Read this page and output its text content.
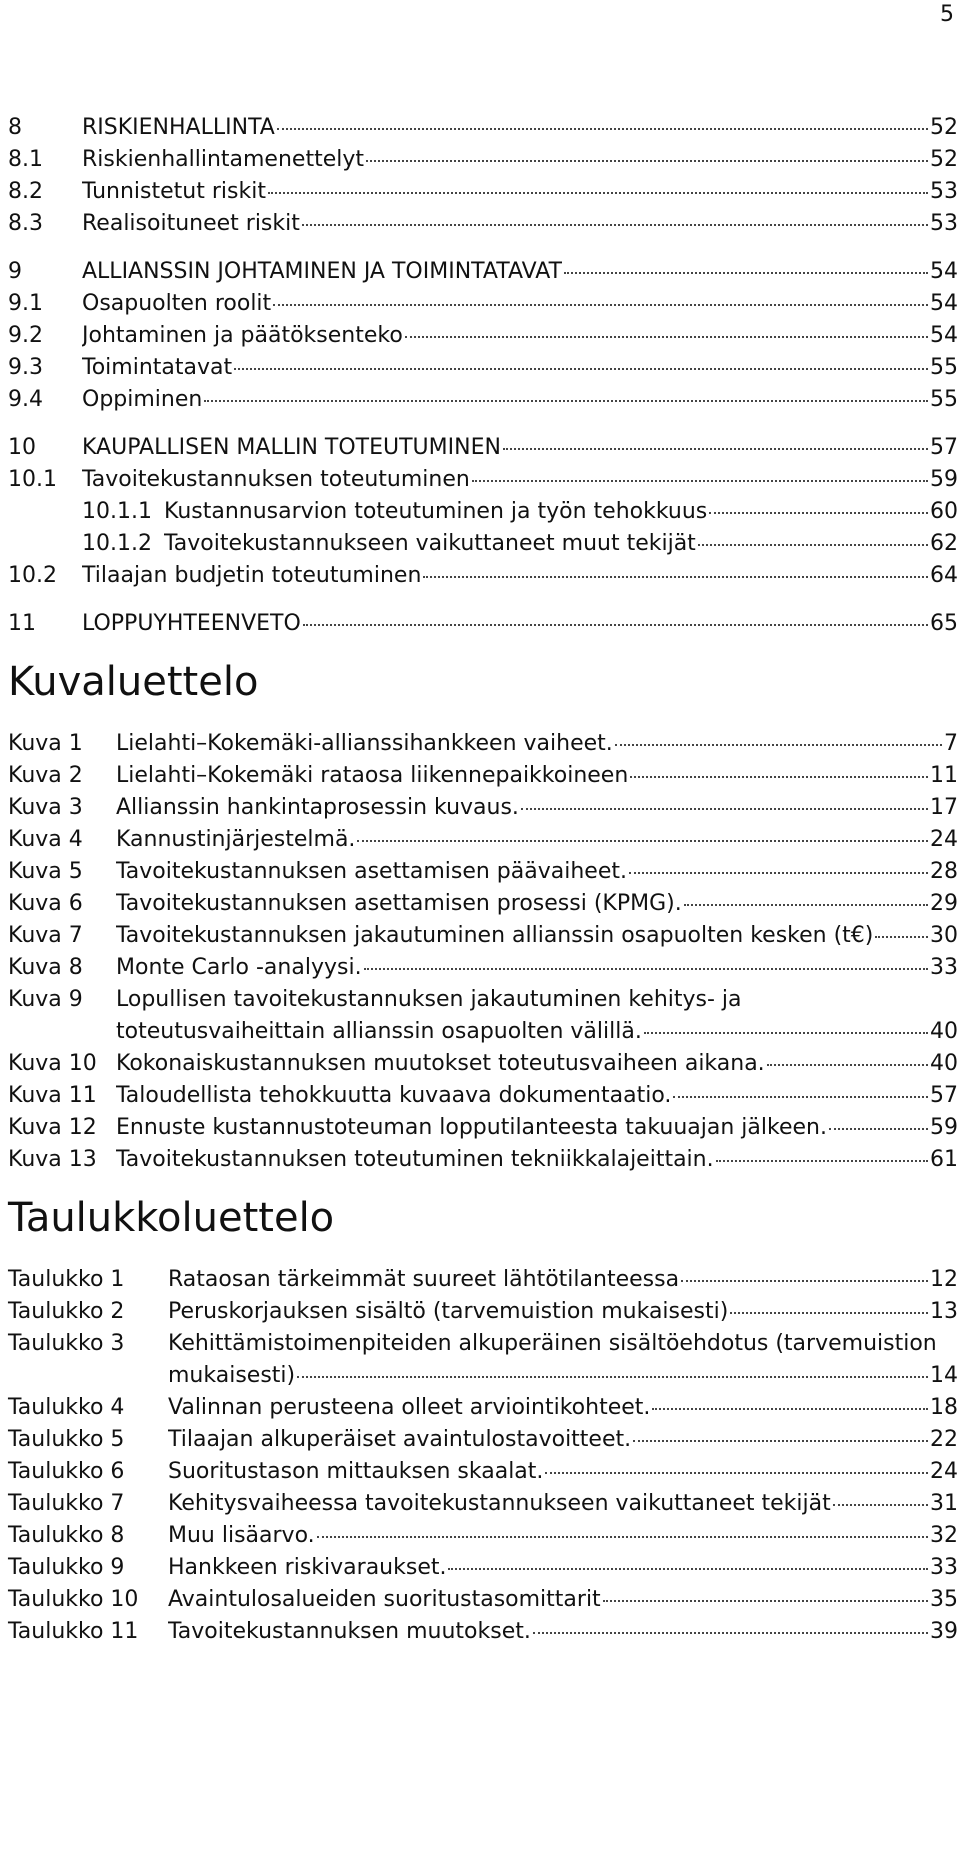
5
8	RISKIENHALLINTA	52
8.1	Riskienhallintamenettelyt	52
8.2	Tunnistetut riskit	53
8.3	Realisoituneet riskit	53
9	ALLIANSSIN JOHTAMINEN JA TOIMINTATAVAT	54
9.1	Osapuolten roolit	54
9.2	Johtaminen ja päätöksenteko	54
9.3	Toimintatavat	55
9.4	Oppiminen	55
10	KAUPALLISEN MALLIN TOTEUTUMINEN	57
10.1	Tavoitekustannuksen toteutuminen	59
10.1.1 Kustannusarvion toteutuminen ja työn tehokkuus	60
10.1.2 Tavoitekustannukseen vaikuttaneet muut tekijät	62
10.2	Tilaajan budjetin toteutuminen	64
11	LOPPUYHTEENVETO	65
Kuvaluettelo
Kuva 1	Lielahti–Kokemäki-allianssihankkeen vaiheet.	7
Kuva 2	Lielahti–Kokemäki rataosa liikennepaikkoineen	11
Kuva 3	Allianssin hankintaprosessin kuvaus.	17
Kuva 4	Kannustinjärjestelmä.	24
Kuva 5	Tavoitekustannuksen asettamisen päävaiheet.	28
Kuva 6	Tavoitekustannuksen asettamisen prosessi (KPMG).	29
Kuva 7	Tavoitekustannuksen jakautuminen allianssin osapuolten kesken (t€)	30
Kuva 8	Monte Carlo -analyysi.	33
Kuva 9	Lopullisen tavoitekustannuksen jakautuminen kehitys- ja
toteutusvaiheittain allianssin osapuolten välillä.	40
Kuva 10 Kokonaiskustannuksen muutokset toteutusvaiheen aikana.	40
Kuva 11 Taloudellista tehokkuutta kuvaava dokumentaatio.	57
Kuva 12 Ennuste kustannustoteuman lopputilanteesta takuuajan jälkeen.	59
Kuva 13 Tavoitekustannuksen toteutuminen tekniikkalajeittain.	61
Taulukkoluettelo
Taulukko 1	Rataosan tärkeimmät suureet lähtötilanteessa	12
Taulukko 2	Peruskorjauksen sisältö (tarvemuistion mukaisesti)	13
Taulukko 3	Kehittämistoimenpiteiden alkuperäinen sisältöehdotus (tarvemuistion
mukaisesti)	14
Taulukko 4	Valinnan perusteena olleet arviointikohteet.	18
Taulukko 5	Tilaajan alkuperäiset avaintulostavoitteet.	22
Taulukko 6	Suoritustason mittauksen skaalat.	24
Taulukko 7	Kehitysvaiheessa tavoitekustannukseen vaikuttaneet tekijät	31
Taulukko 8	Muu lisäarvo.	32
Taulukko 9	Hankkeen riskivaraukset.	33
Taulukko 10	Avaintulosalueiden suoritustasomittarit	35
Taulukko 11	Tavoitekustannuksen muutokset.	39
